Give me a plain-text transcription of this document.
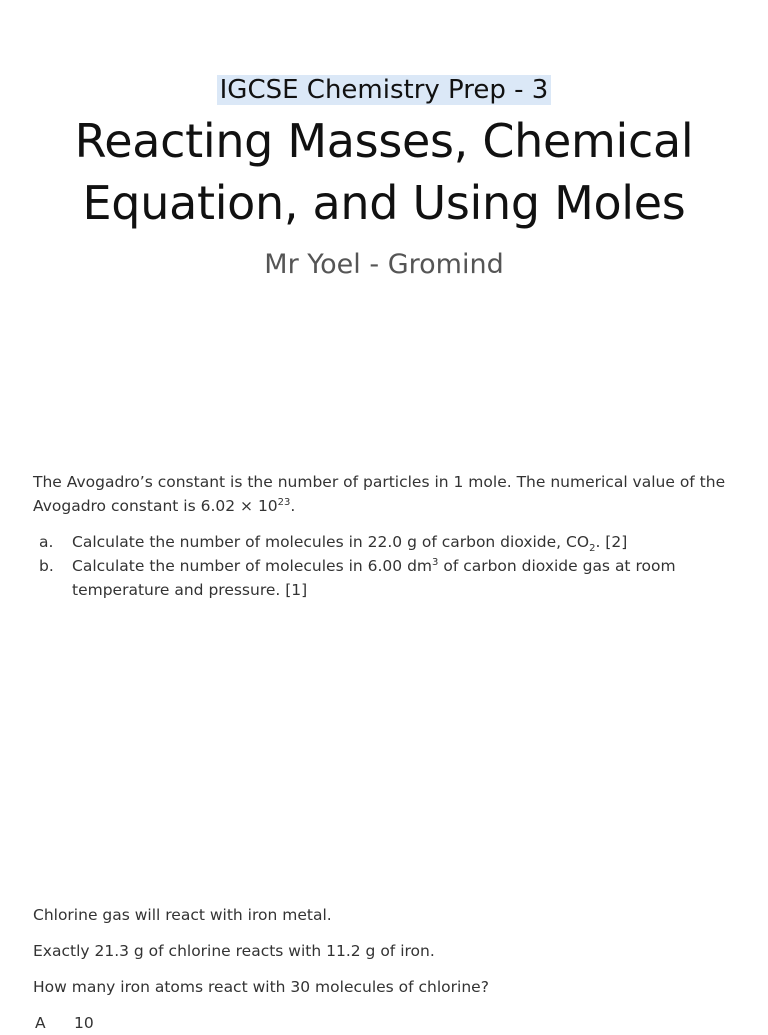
IGCSE Chemistry Prep - 3
Reacting Masses, Chemical
Equation, and Using Moles
Mr Yoel - Gromind

The Avogadro’s constant is the number of particles in 1 mole. The numerical value of the Avogadro constant is $6.02 \times 10^{23}$.

a. Calculate the number of molecules in 22.0 g of carbon dioxide, $CO_2$. [2]
b. Calculate the number of molecules in 6.00 $dm^3$ of carbon dioxide gas at room temperature and pressure. [1]

Chlorine gas will react with iron metal.

Exactly 21.3 g of chlorine reacts with 11.2 g of iron.

How many iron atoms react with 30 molecules of chlorine?

A 10
